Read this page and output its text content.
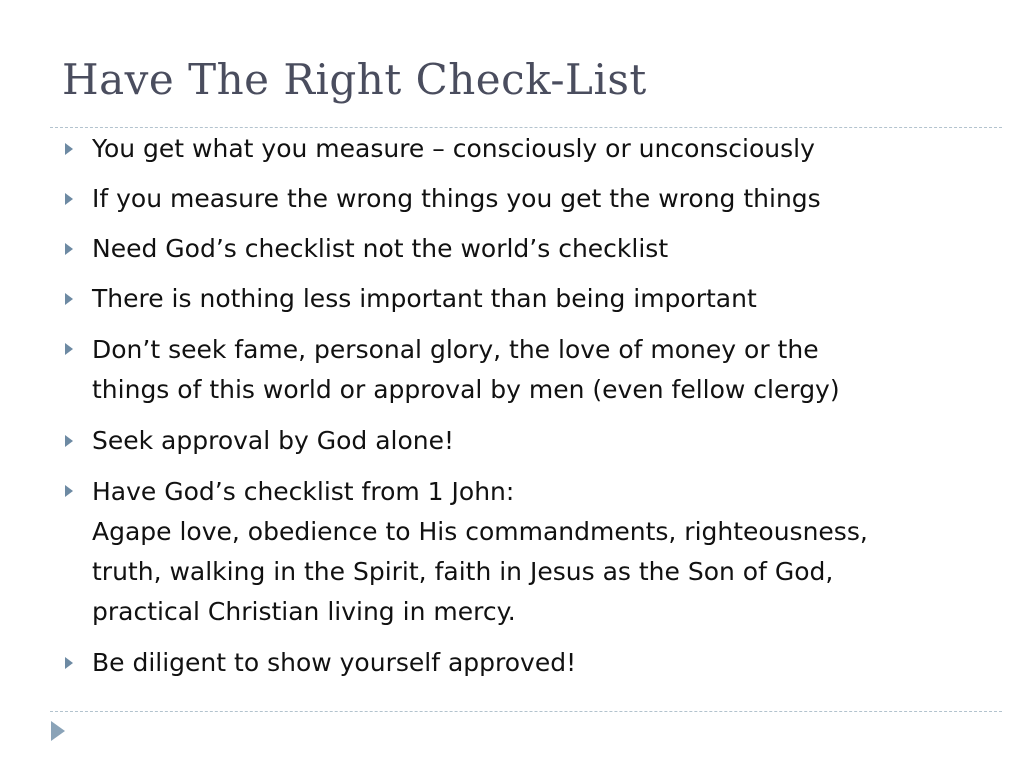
Have The Right Check-List
You get what you measure – consciously or unconsciously
If you measure the wrong things you get the wrong things
Need God’s checklist not the world’s checklist
There is nothing less important than being important
Don’t seek fame, personal glory, the love of money or the
things of this world or approval by men (even fellow clergy)
Seek approval by God alone!
Have God’s checklist from 1 John:
Agape love, obedience to His commandments, righteousness,
truth, walking in the Spirit, faith in Jesus as the Son of God,
practical Christian living in mercy.
Be diligent to show yourself approved!
